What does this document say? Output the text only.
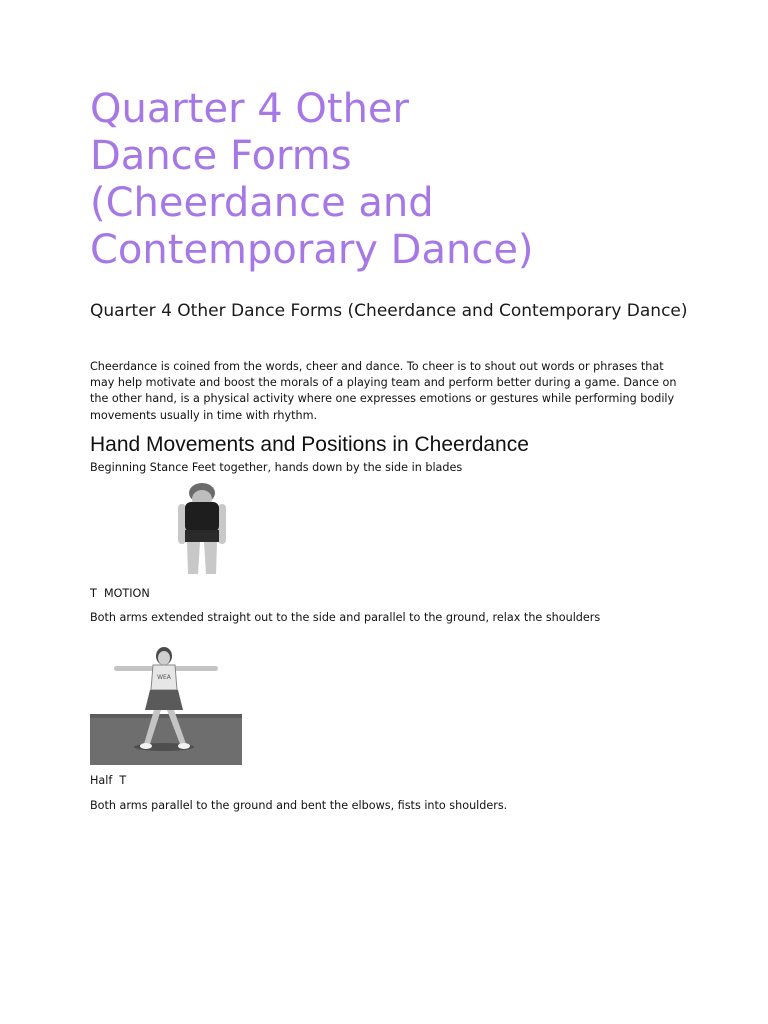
Quarter 4 Other
Dance Forms
(Cheerdance and
Contemporary Dance)

Quarter 4 Other Dance Forms (Cheerdance and Contemporary Dance)

Cheerdance is coined from the words, cheer and dance. To cheer is to shout out words or phrases that may help motivate and boost the morals of a playing team and perform better during a game. Dance on the other hand, is a physical activity where one expresses emotions or gestures while performing bodily movements usually in time with rhythm.

Hand Movements and Positions in Cheerdance

Beginning Stance Feet together, hands down by the side in blades

T  MOTION

Both arms extended straight out to the side and parallel to the ground, relax the shoulders

WEA

Half  T

Both arms parallel to the ground and bent the elbows, fists into shoulders.
